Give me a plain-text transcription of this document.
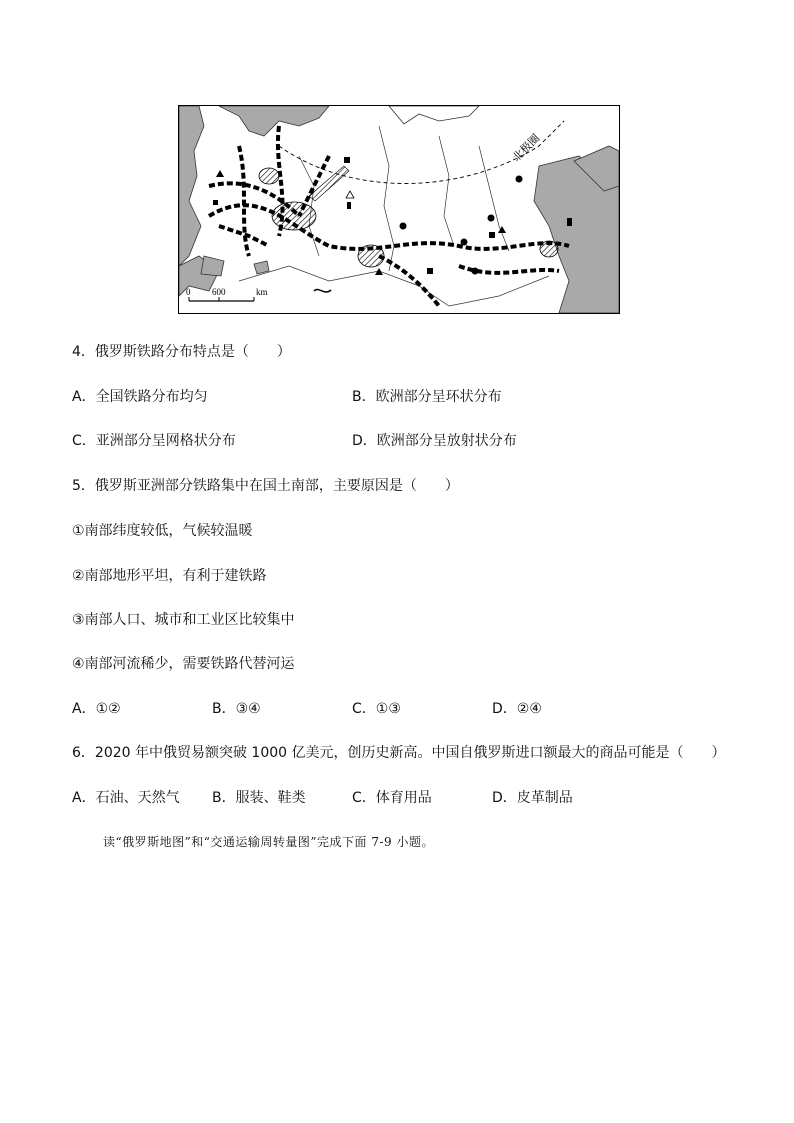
北极圈
0 600	km
4．俄罗斯铁路分布特点是（　　）
A．全国铁路分布均匀	B．欧洲部分呈环状分布
C．亚洲部分呈网格状分布	D．欧洲部分呈放射状分布
5．俄罗斯亚洲部分铁路集中在国土南部，主要原因是（　　）
①南部纬度较低，气候较温暖
②南部地形平坦，有利于建铁路
③南部人口、城市和工业区比较集中
④南部河流稀少，需要铁路代替河运
A．①②	B．③④	C．①③	D．②④
6．2020 年中俄贸易额突破 1000 亿美元，创历史新高。中国自俄罗斯进口额最大的商品可能是（　　）
A．石油、天然气 B．服装、鞋类	C．体育用品	D．皮革制品
读“俄罗斯地图”和“交通运输周转量图”完成下面 7-9 小题。
